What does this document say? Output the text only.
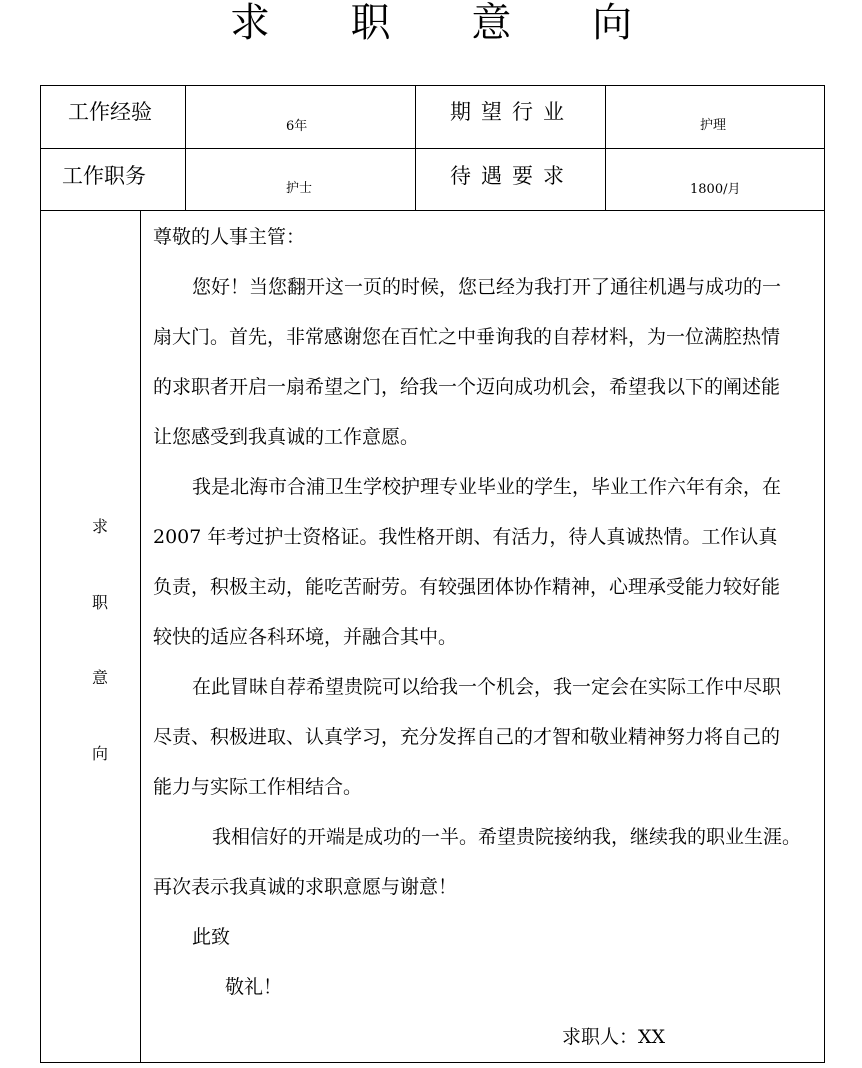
求 职 意 向
工作经验
6年
期望行业
护理
工作职务
护士
待遇要求
1800/月
求
职
意
向
尊敬的人事主管：
您好！当您翻开这一页的时候，您已经为我打开了通往机遇与成功的一
扇大门。首先，非常感谢您在百忙之中垂询我的自荐材料，为一位满腔热情
的求职者开启一扇希望之门，给我一个迈向成功机会，希望我以下的阐述能
让您感受到我真诚的工作意愿。
我是北海市合浦卫生学校护理专业毕业的学生，毕业工作六年有余，在
2007 年考过护士资格证。我性格开朗、有活力，待人真诚热情。工作认真
负责，积极主动，能吃苦耐劳。有较强团体协作精神，心理承受能力较好能
较快的适应各科环境，并融合其中。
在此冒昧自荐希望贵院可以给我一个机会，我一定会在实际工作中尽职
尽责、积极进取、认真学习，充分发挥自己的才智和敬业精神努力将自己的
能力与实际工作相结合。
我相信好的开端是成功的一半。希望贵院接纳我，继续我的职业生涯。
再次表示我真诚的求职意愿与谢意！
此致
敬礼！
求职人：XX
